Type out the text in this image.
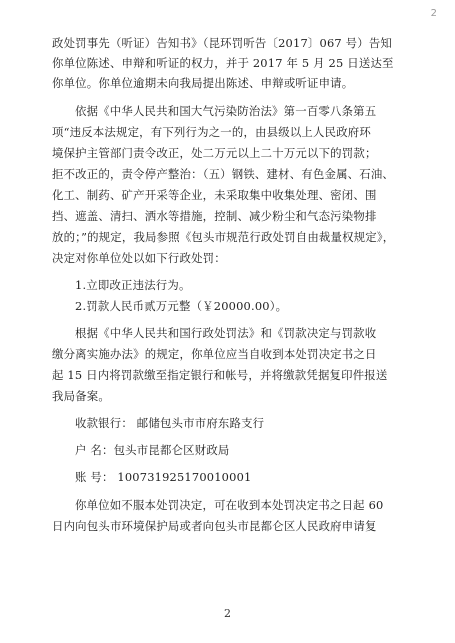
2
政处罚事先（听证）告知书》（昆环罚听告〔2017〕067 号）告知
你单位陈述、申辩和听证的权力，并于 2017 年 5 月 25 日送达至
你单位。你单位逾期未向我局提出陈述、申辩或听证申请。
依据《中华人民共和国大气污染防治法》第一百零八条第五
项“违反本法规定，有下列行为之一的，由县级以上人民政府环
境保护主管部门责令改正，处二万元以上二十万元以下的罚款；
拒不改正的，责令停产整治：（五）钢铁、建材、有色金属、石油、
化工、制药、矿产开采等企业，未采取集中收集处理、密闭、围
挡、遮盖、清扫、洒水等措施，控制、减少粉尘和气态污染物排
放的；”的规定，我局参照《包头市规范行政处罚自由裁量权规定》，
决定对你单位处以如下行政处罚：
1.立即改正违法行为。
2.罚款人民币贰万元整（￥20000.00）。
根据《中华人民共和国行政处罚法》和《罚款决定与罚款收
缴分离实施办法》的规定，你单位应当自收到本处罚决定书之日
起 15 日内将罚款缴至指定银行和帐号，并将缴款凭据复印件报送
我局备案。
收款银行： 邮储包头市市府东路支行
户 名：包头市昆都仑区财政局
账 号： 100731925170010001
你单位如不服本处罚决定，可在收到本处罚决定书之日起 60
日内向包头市环境保护局或者向包头市昆都仑区人民政府申请复
2
